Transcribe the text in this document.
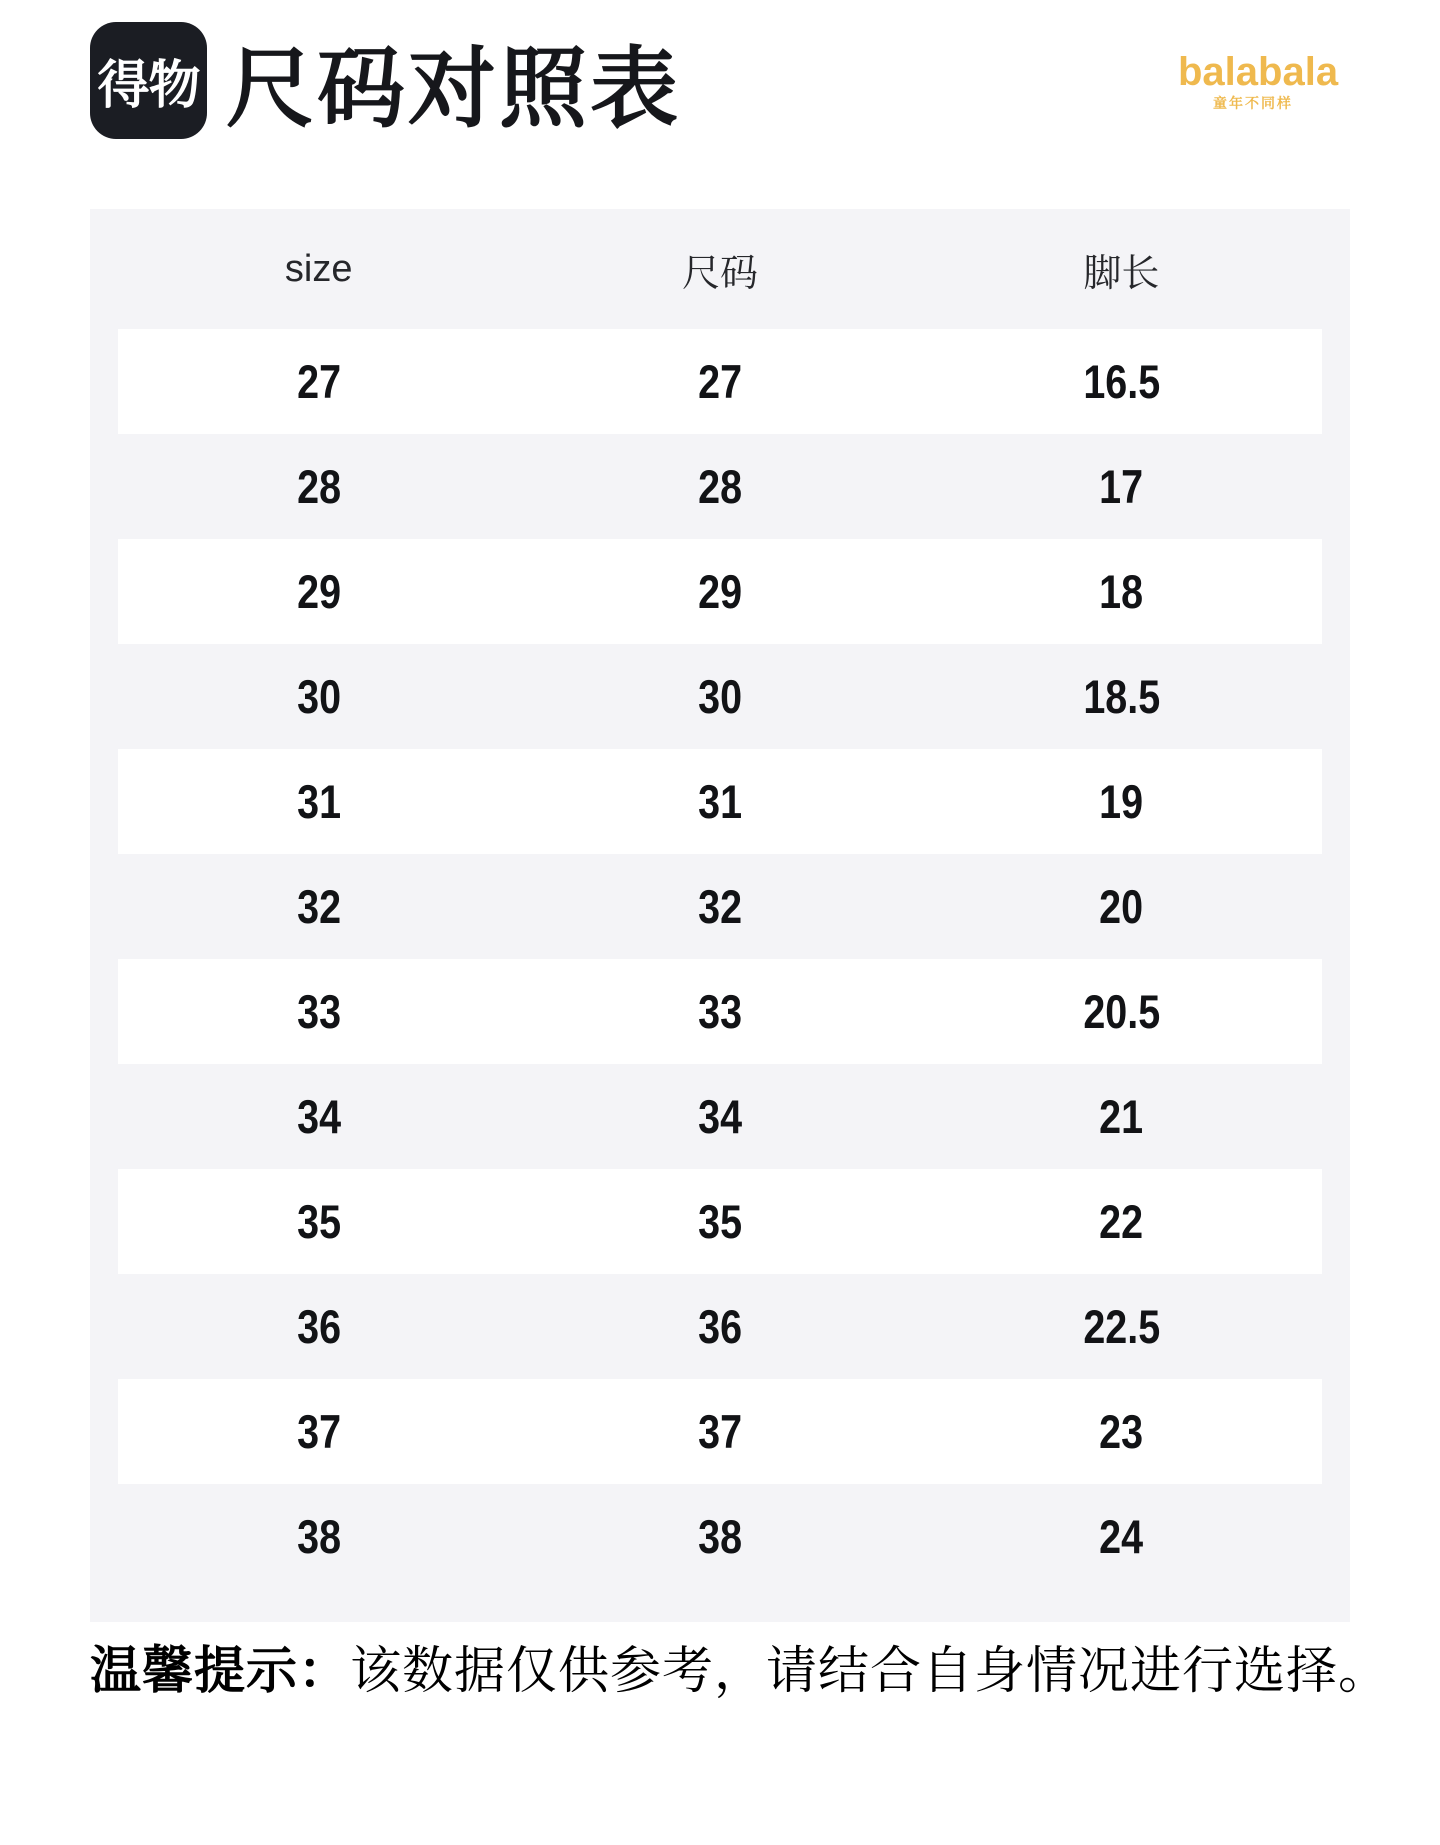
得物 尺码对照表	balabala
童年不同样
size	尺码	脚长
27	27	16.5
28	28	17
29	29	18
30	30	18.5
31	31	19
32	32	20
33	33	20.5
34	34	21
35	35	22
36	36	22.5
37	37	23
38	38	24

温馨提示：该数据仅供参考，请结合自身情况进行选择。
